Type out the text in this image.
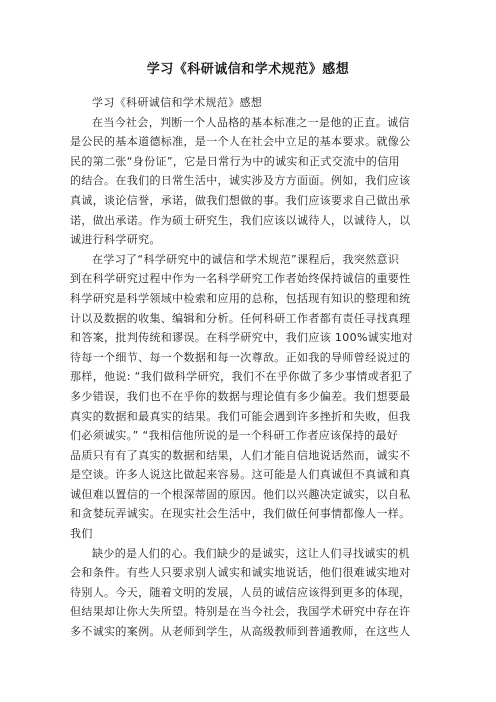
学习《科研诚信和学术规范》感想
学习《科研诚信和学术规范》感想
在当今社会，判断一个人品格的基本标准之一是他的正直。诚信
是公民的基本道德标准，是一个人在社会中立足的基本要求。就像公
民的第二张“身份证”，它是日常行为中的诚实和正式交流中的信用
的结合。在我们的日常生活中，诚实涉及方方面面。例如，我们应该
真诚，谈论信誉，承诺，做我们想做的事。我们应该要求自己做出承
诺，做出承诺。作为硕士研究生，我们应该以诚待人，以诚待人，以
诚进行科学研究。
在学习了“科学研究中的诚信和学术规范”课程后，我突然意识
到在科学研究过程中作为一名科学研究工作者始终保持诚信的重要性
科学研究是科学领域中检索和应用的总称，包括现有知识的整理和统
计以及数据的收集、编辑和分析。任何科研工作者都有责任寻找真理
和答案，批判传统和谬误。在科学研究中，我们应该 100%诚实地对
待每一个细节、每一个数据和每一次尊敌。正如我的导师曾经说过的
那样，他说: “我们做科学研究，我们不在乎你做了多少事情或者犯了
多少错误，我们也不在乎你的数据与理论值有多少偏差。我们想要最
真实的数据和最真实的结果。我们可能会遇到许多挫折和失败，但我
们必须诚实。” “我相信他所说的是一个科研工作者应该保持的最好
品质只有有了真实的数据和结果，人们才能自信地说话然而，诚实不
是空谈。许多人说这比做起来容易。这可能是人们真诚但不真诚和真
诚但难以置信的一个根深蒂固的原因。他们以兴趣决定诚实，以自私
和贪婪玩弄诚实。在现实社会生活中，我们做任何事情都像人一样。
我们
缺少的是人们的心。我们缺少的是诚实，这让人们寻找诚实的机
会和条件。有些人只要求别人诚实和诚实地说话，他们很难诚实地对
待别人。今天，随着文明的发展，人员的诚信应该得到更多的体现，
但结果却让你大失所望。特别是在当今社会，我国学术研究中存在许
多不诚实的案例。从老师到学生，从高级教师到普通教师，在这些人
